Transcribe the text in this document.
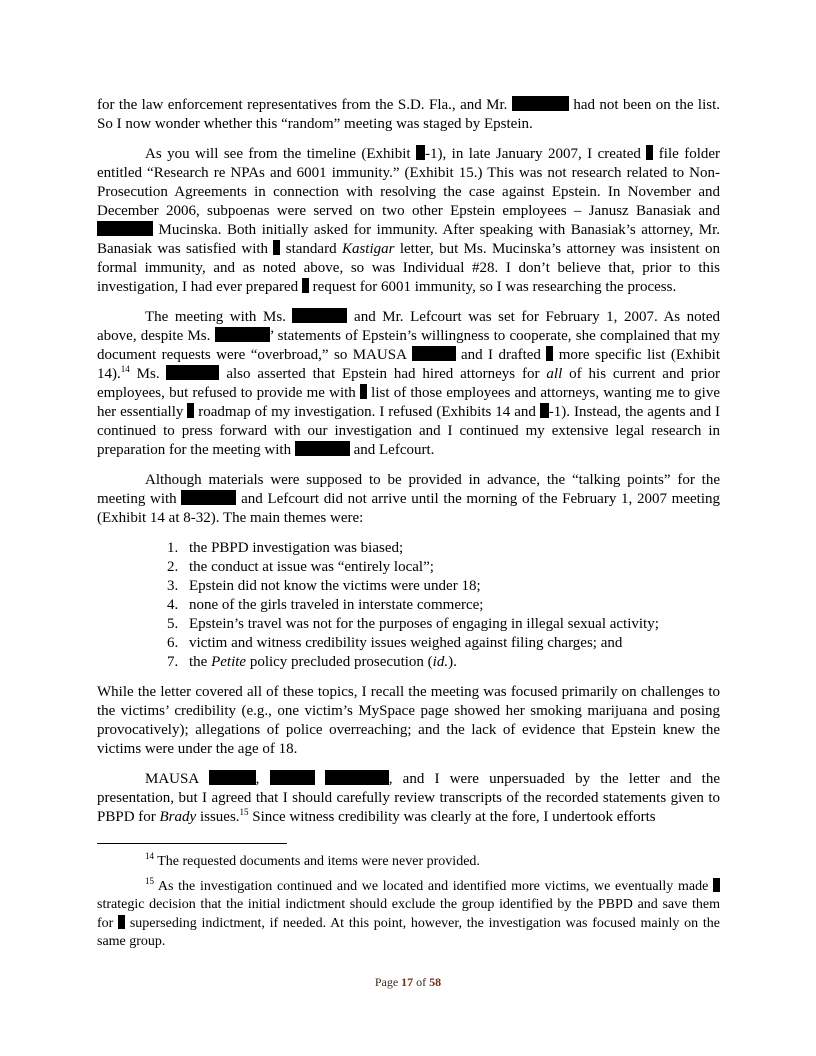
for the law enforcement representatives from the S.D. Fla., and Mr.	had not been on the list. So I now wonder whether this “random” meeting was staged by Epstein.

As you will see from the timeline (Exhibit -1), in late January 2007, I created file folder entitled “Research re NPAs and 6001 immunity.” (Exhibit 15.) This was not research related to Non-Prosecution Agreements in connection with resolving the case against Epstein. In November and December 2006, subpoenas were served on two other Epstein employees – Janusz Banasiak and  Mucinska. Both initially asked for immunity. After speaking with Banasiak’s attorney, Mr. Banasiak was satisfied with standard Kastigar letter, but Ms. Mucinska’s attorney was insistent on formal immunity, and as noted above, so was Individual #28. I don’t believe that, prior to this investigation, I had ever prepared request for 6001 immunity, so I was researching the process.

The meeting with Ms.	and Mr. Lefcourt was set for February 1, 2007. As noted above, despite Ms.	’ statements of Epstein’s willingness to cooperate, she complained that my document requests were “overbroad,” so MAUSA	and I drafted more specific list (Exhibit 14).$^{14}$ Ms.	also asserted that Epstein had hired attorneys for all of his current and prior employees, but refused to provide me with list of those employees and attorneys, wanting me to give her essentially roadmap of my investigation. I refused (Exhibits 14 and -1). Instead, the agents and I continued to press forward with our investigation and I continued my extensive legal research in preparation for the meeting with	and Lefcourt.

Although materials were supposed to be provided in advance, the “talking points” for the meeting with	and Lefcourt did not arrive until the morning of the February 1, 2007 meeting (Exhibit 14 at 8-32). The main themes were:

1. the PBPD investigation was biased;
2. the conduct at issue was “entirely local”;
3. Epstein did not know the victims were under 18;
4. none of the girls traveled in interstate commerce;
5. Epstein’s travel was not for the purposes of engaging in illegal sexual activity;
6. victim and witness credibility issues weighed against filing charges; and
7. the Petite policy precluded prosecution (id.).

While the letter covered all of these topics, I recall the meeting was focused primarily on challenges to the victims’ credibility (e.g., one victim’s MySpace page showed her smoking marijuana and posing provocatively); allegations of police overreaching; and the lack of evidence that Epstein knew the victims were under the age of 18.

MAUSA	,	, and I were unpersuaded by the letter and the presentation, but I agreed that I should carefully review transcripts of the recorded statements given to PBPD for Brady issues.$^{15}$ Since witness credibility was clearly at the fore, I undertook efforts

$^{14}$ The requested documents and items were never provided.

$^{15}$ As the investigation continued and we located and identified more victims, we eventually made  strategic decision that the initial indictment should exclude the group identified by the PBPD and save them for superseding indictment, if needed. At this point, however, the investigation was focused mainly on the same group.

Page 17 of 58
